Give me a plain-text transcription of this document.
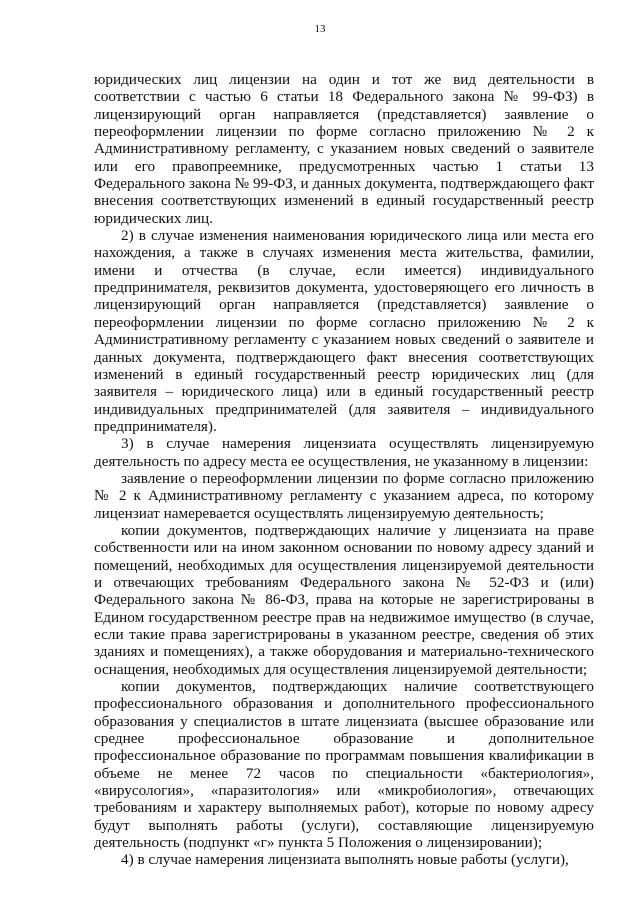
13

юридических лиц лицензии на один и тот же вид деятельности в соответствии с частью 6 статьи 18 Федерального закона № 99-ФЗ) в лицензирующий орган направляется (представляется) заявление о переоформлении лицензии по форме согласно приложению № 2 к Административному регламенту, с указанием новых сведений о заявителе или его правопреемнике, предусмотренных частью 1 статьи 13 Федерального закона № 99-ФЗ, и данных документа, подтверждающего факт внесения соответствующих изменений в единый государственный реестр юридических лиц.

2) в случае изменения наименования юридического лица или места его нахождения, а также в случаях изменения места жительства, фамилии, имени и отчества (в случае, если имеется) индивидуального предпринимателя, реквизитов документа, удостоверяющего его личность в лицензирующий орган направляется (представляется) заявление о переоформлении лицензии по форме согласно приложению № 2 к Административному регламенту с указанием новых сведений о заявителе и данных документа, подтверждающего факт внесения соответствующих изменений в единый государственный реестр юридических лиц (для заявителя – юридического лица) или в единый государственный реестр индивидуальных предпринимателей (для заявителя – индивидуального предпринимателя).

3) в случае намерения лицензиата осуществлять лицензируемую деятельность по адресу места ее осуществления, не указанному в лицензии:

заявление о переоформлении лицензии по форме согласно приложению № 2 к Административному регламенту с указанием адреса, по которому лицензиат намеревается осуществлять лицензируемую деятельность;

копии документов, подтверждающих наличие у лицензиата на праве собственности или на ином законном основании по новому адресу зданий и помещений, необходимых для осуществления лицензируемой деятельности и отвечающих требованиям Федерального закона № 52-ФЗ и (или) Федерального закона № 86-ФЗ, права на которые не зарегистрированы в Едином государственном реестре прав на недвижимое имущество (в случае, если такие права зарегистрированы в указанном реестре, сведения об этих зданиях и помещениях), а также оборудования и материально-технического оснащения, необходимых для осуществления лицензируемой деятельности;

копии документов, подтверждающих наличие соответствующего профессионального образования и дополнительного профессионального образования у специалистов в штате лицензиата (высшее образование или среднее профессиональное образование и дополнительное профессиональное образование по программам повышения квалификации в объеме не менее 72 часов по специальности «бактериология», «вирусология», «паразитология» или «микробиология», отвечающих требованиям и характеру выполняемых работ), которые по новому адресу будут выполнять работы (услуги), составляющие лицензируемую деятельность (подпункт «г» пункта 5 Положения о лицензировании);

4) в случае намерения лицензиата выполнять новые работы (услуги),
